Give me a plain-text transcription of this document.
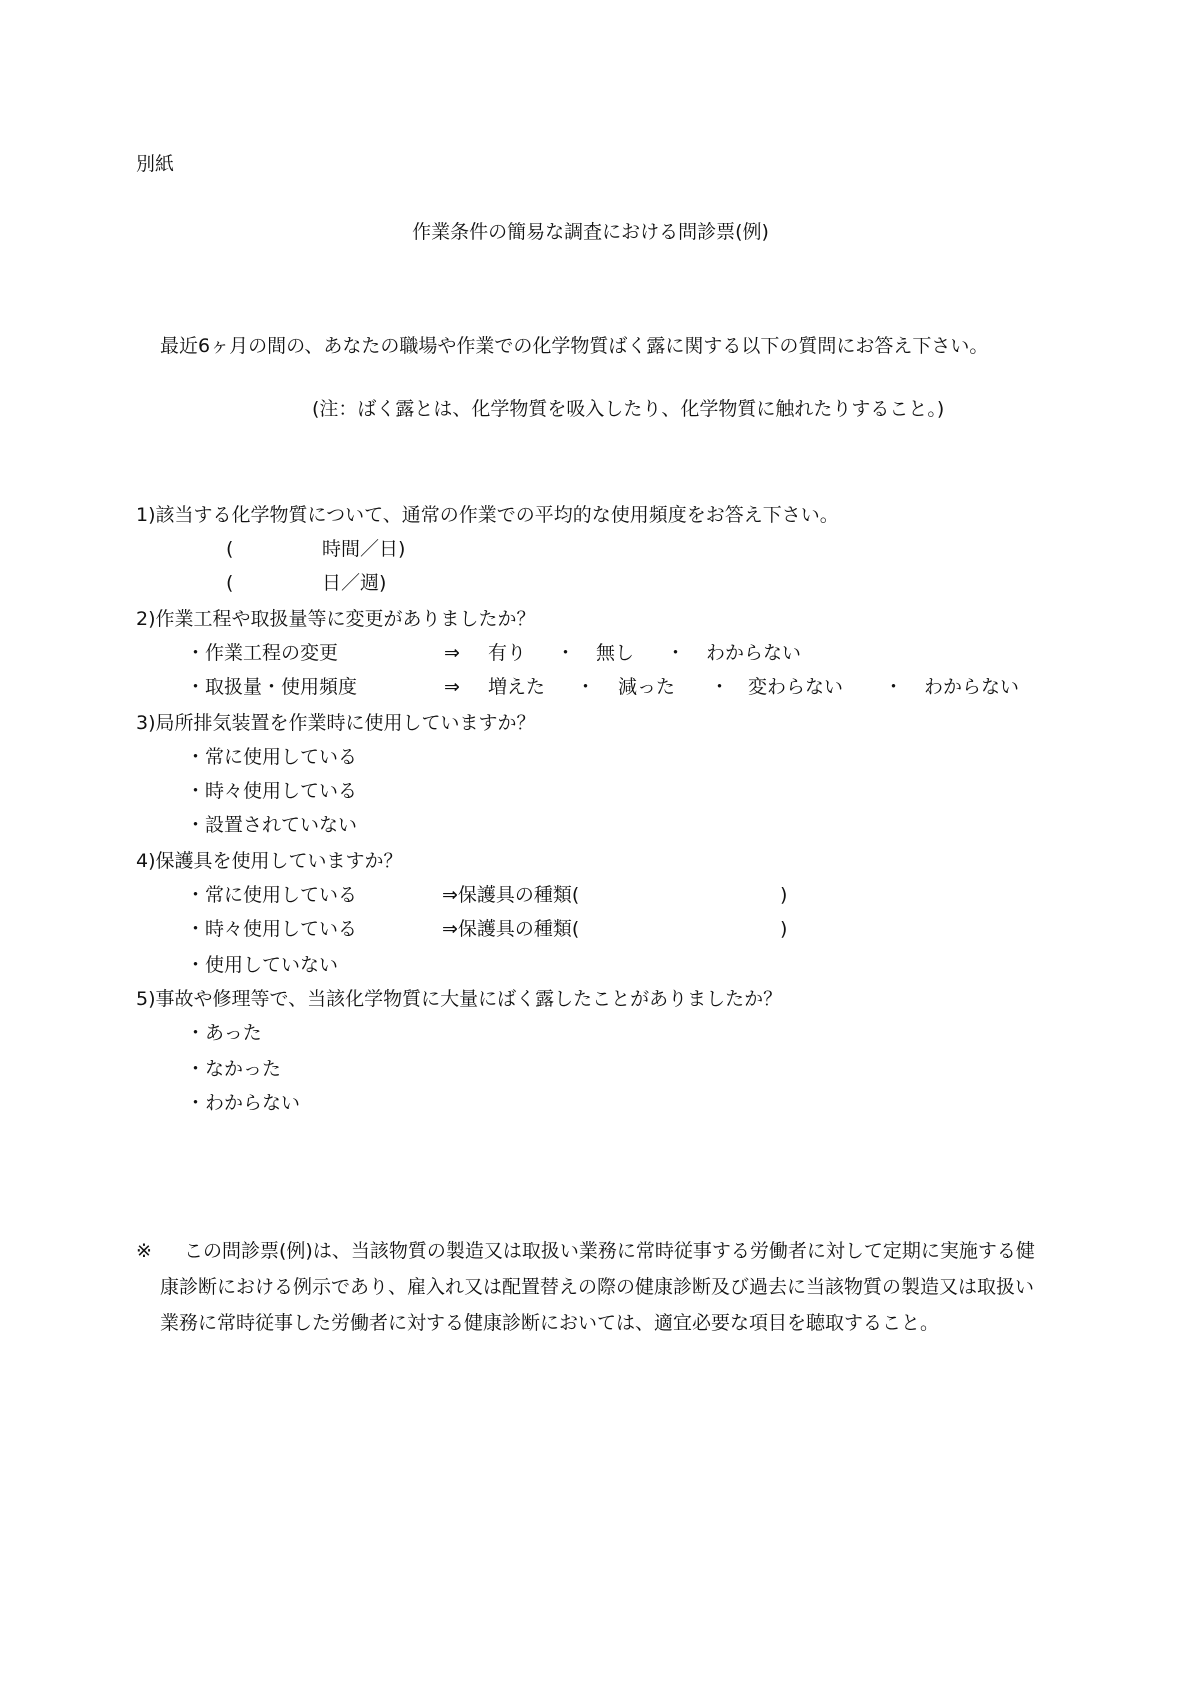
別紙
作業条件の簡易な調査における問診票(例)
最近6ヶ月の間の、あなたの職場や作業での化学物質ばく露に関する以下の質問にお答え下さい。
(注：ばく露とは、化学物質を吸入したり、化学物質に触れたりすること。)
1)該当する化学物質について、通常の作業での平均的な使用頻度をお答え下さい。
(	時間／日)
(	日／週)
2)作業工程や取扱量等に変更がありましたか？
・作業工程の変更	⇒ 有り ・ 無し ・ わからない
・取扱量・使用頻度	⇒ 増えた ・ 減った ・ 変わらない ・ わからない
3)局所排気装置を作業時に使用していますか？
・常に使用している
・時々使用している
・設置されていない
4)保護具を使用していますか？
・常に使用している	⇒保護具の種類(	)
・時々使用している	⇒保護具の種類(	)
・使用していない
5)事故や修理等で、当該化学物質に大量にばく露したことがありましたか？
・あった
・なかった
・わからない
※	この問診票(例)は、当該物質の製造又は取扱い業務に常時従事する労働者に対して定期に実施する健康診断における例示であり、雇入れ又は配置替えの際の健康診断及び過去に当該物質の製造又は取扱い業務に常時従事した労働者に対する健康診断においては、適宜必要な項目を聴取すること。
